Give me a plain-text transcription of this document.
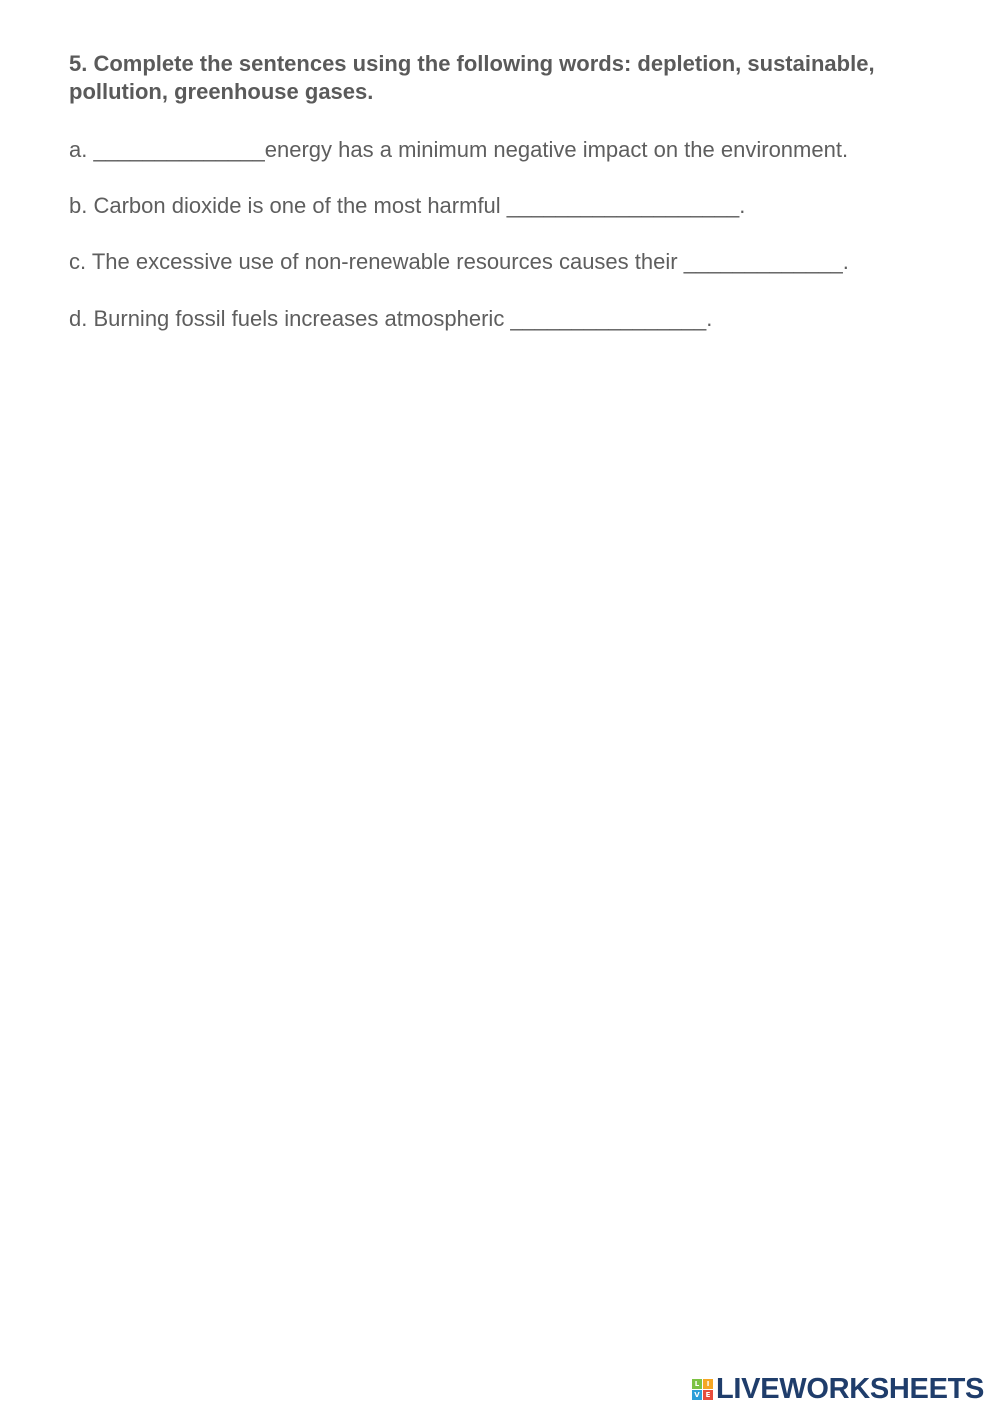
5. Complete the sentences using the following words: depletion, sustainable, pollution, greenhouse gases.
a. ______________energy has a minimum negative impact on the environment.
b. Carbon dioxide is one of the most harmful ___________________.
c. The excessive use of non-renewable resources causes their _____________.
d. Burning fossil fuels increases atmospheric ________________.
L	I
V E LIVEWORKSHEETS
